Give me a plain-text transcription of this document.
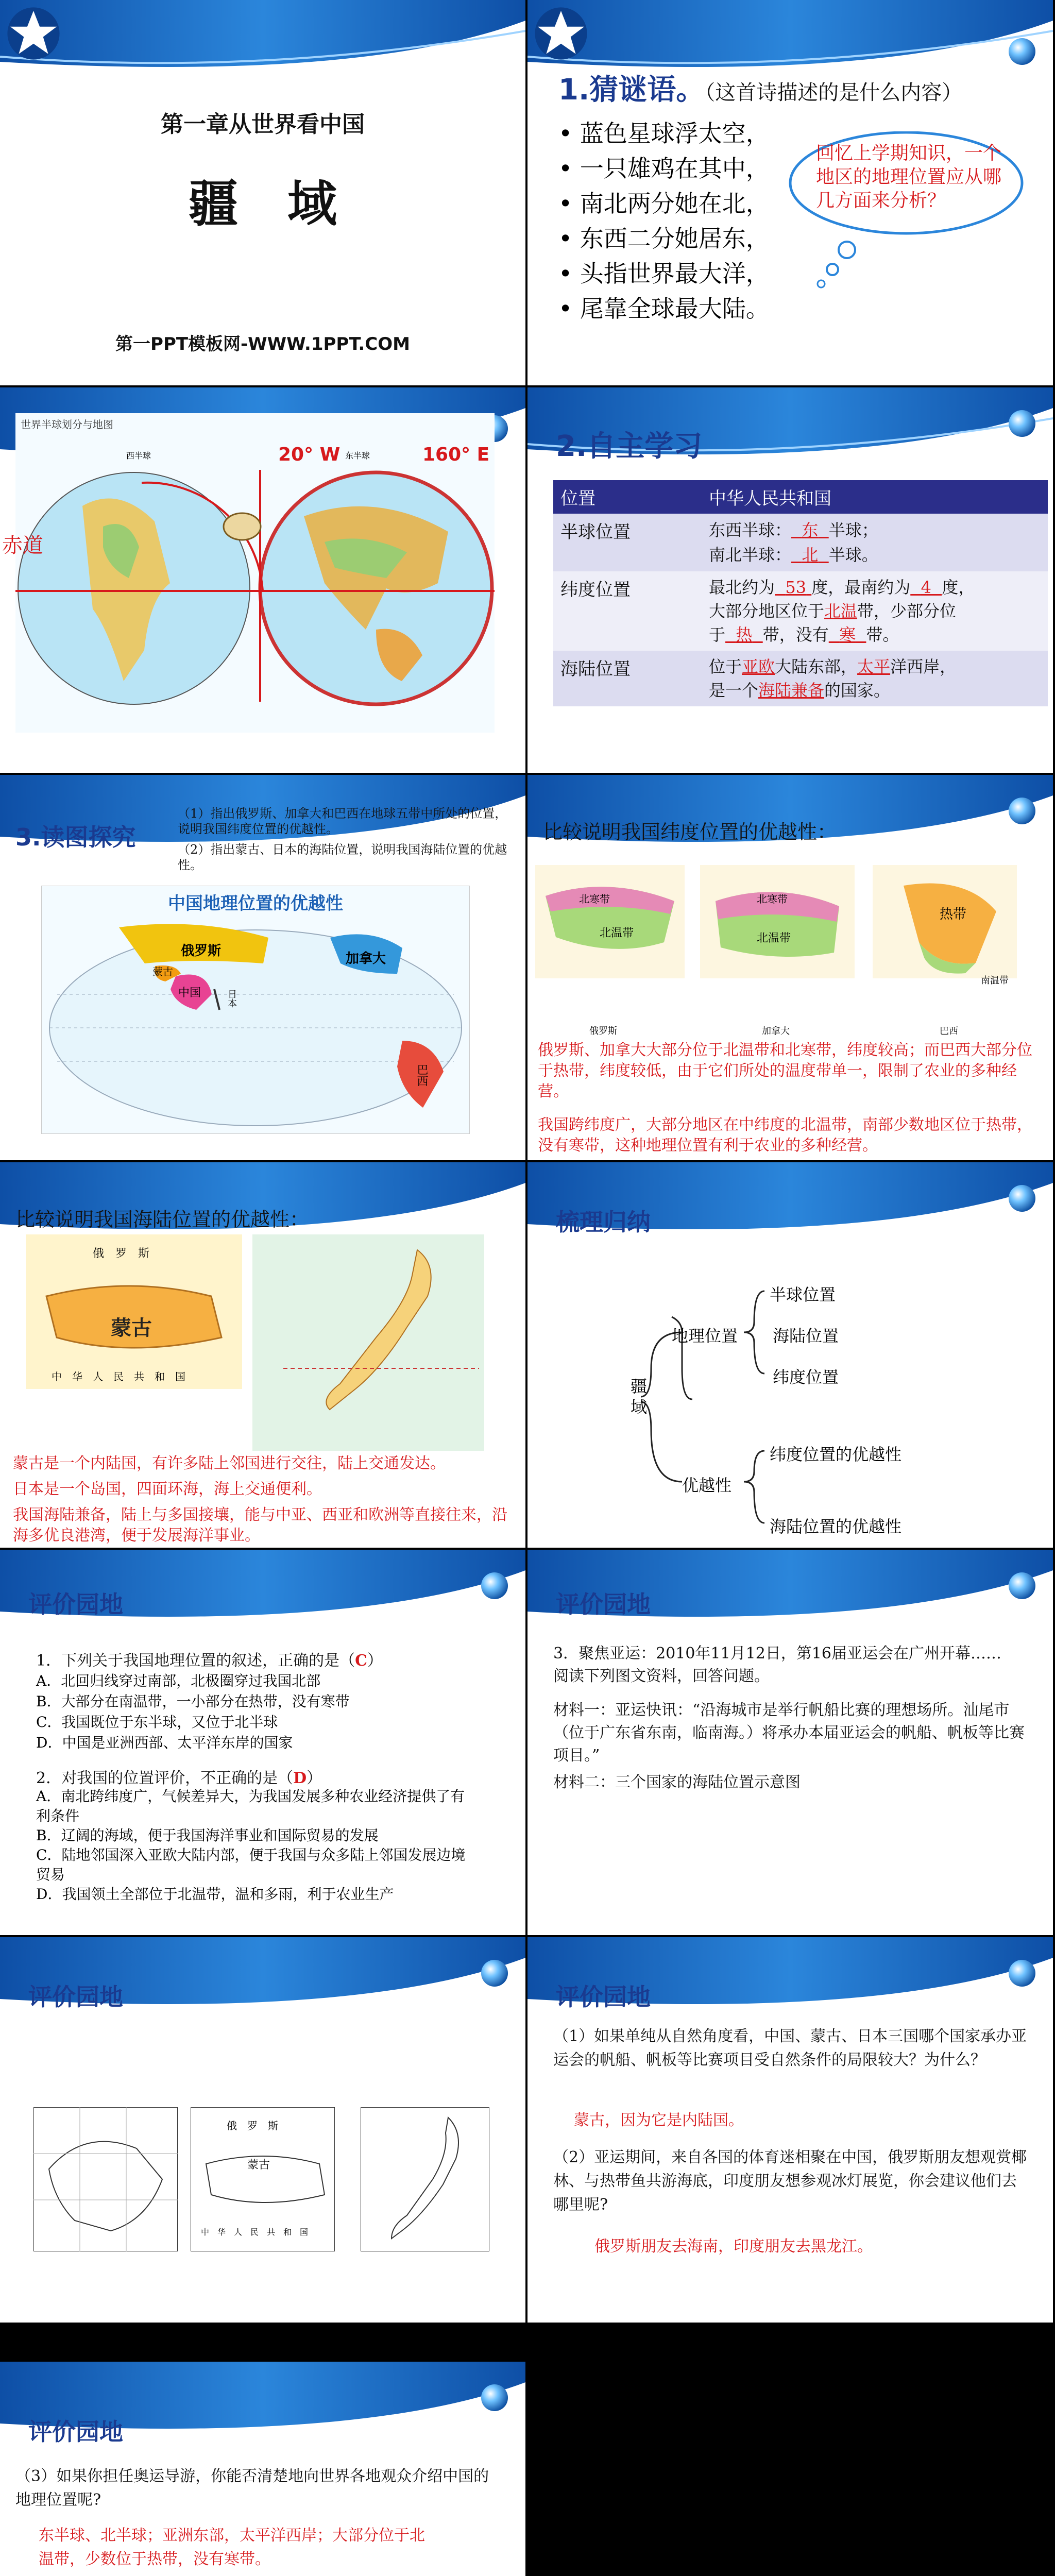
第一章从世界看中国
疆　域
第一PPT模板网-WWW.1PPT.COM
1.猜谜语。（这首诗描述的是什么内容）
• 蓝色星球浮太空，
• 一只雄鸡在其中，
• 南北两分她在北，
• 东西二分她居东，
• 头指世界最大洋，
• 尾靠全球最大陆。
回忆上学期知识，一个地区的地理位置应从哪几方面来分析？
世界半球划分与地图
西半球	东半球
20° W	160° E
赤道
2.自主学习
位置	中华人民共和国
半球位置	东西半球： 东 半球；
南北半球： 北 半球。
纬度位置	最北约为 53 度，最南约为 4 度，
大部分地区位于北温带，少部分位
于 热 带，没有 寒 带。
海陆位置	位于亚欧大陆东部，太平洋西岸，
是一个海陆兼备的国家。
3.读图探究
（1）指出俄罗斯、加拿大和巴西在地球五带中所处的位置，说明我国纬度位置的优越性。
（2）指出蒙古、日本的海陆位置，说明我国海陆位置的优越性。
中国地理位置的优越性
俄罗斯	加拿大
蒙古
中国	日本
巴西
比较说明我国纬度位置的优越性：
北寒带
北温带
北寒带
北温带
热带
南温带
俄罗斯	加拿大	巴西
俄罗斯、加拿大大部分位于北温带和北寒带，纬度较高；而巴西大部分位于热带，纬度较低，由于它们所处的温度带单一，限制了农业的多种经营。
我国跨纬度广，大部分地区在中纬度的北温带，南部少数地区位于热带，没有寒带，这种地理位置有利于农业的多种经营。
比较说明我国海陆位置的优越性：
俄　罗　斯
蒙古
中　华　人　民　共　和　国
蒙古是一个内陆国，有许多陆上邻国进行交往，陆上交通发达。
日本是一个岛国，四面环海，海上交通便利。
我国海陆兼备，陆上与多国接壤，能与中亚、西亚和欧洲等直接往来，沿海多优良港湾，便于发展海洋事业。
梳理归纳
疆域
地理位置
优越性
半球位置
海陆位置
纬度位置
纬度位置的优越性
海陆位置的优越性
评价园地
1．下列关于我国地理位置的叙述，正确的是（C）
A．北回归线穿过南部，北极圈穿过我国北部
B．大部分在南温带，一小部分在热带，没有寒带
C．我国既位于东半球，又位于北半球
D．中国是亚洲西部、太平洋东岸的国家
2．对我国的位置评价，不正确的是（D）
A．南北跨纬度广，气候差异大，为我国发展多种农业经济提供了有利条件
B．辽阔的海域，便于我国海洋事业和国际贸易的发展
C．陆地邻国深入亚欧大陆内部，便于我国与众多陆上邻国发展边境贸易
D．我国领土全部位于北温带，温和多雨，利于农业生产
评价园地
3．聚焦亚运：2010年11月12日，第16届亚运会在广州开幕…… 阅读下列图文资料，回答问题。
材料一：亚运快讯：“沿海城市是举行帆船比赛的理想场所。汕尾市（位于广东省东南，临南海。）将承办本届亚运会的帆船、帆板等比赛项目。”
材料二：三个国家的海陆位置示意图
评价园地
俄　罗　斯
蒙古
中　华　人　民　共　和　国
评价园地
（1）如果单纯从自然角度看，中国、蒙古、日本三国哪个国家承办亚运会的帆船、帆板等比赛项目受自然条件的局限较大？为什么？
蒙古，因为它是内陆国。
（2）亚运期间，来自各国的体育迷相聚在中国，俄罗斯朋友想观赏椰林、与热带鱼共游海底，印度朋友想参观冰灯展览，你会建议他们去哪里呢?
俄罗斯朋友去海南，印度朋友去黑龙江。
评价园地
（3）如果你担任奥运导游，你能否清楚地向世界各地观众介绍中国的地理位置呢?
东半球、北半球；亚洲东部，太平洋西岸；大部分位于北温带，少数位于热带，没有寒带。
